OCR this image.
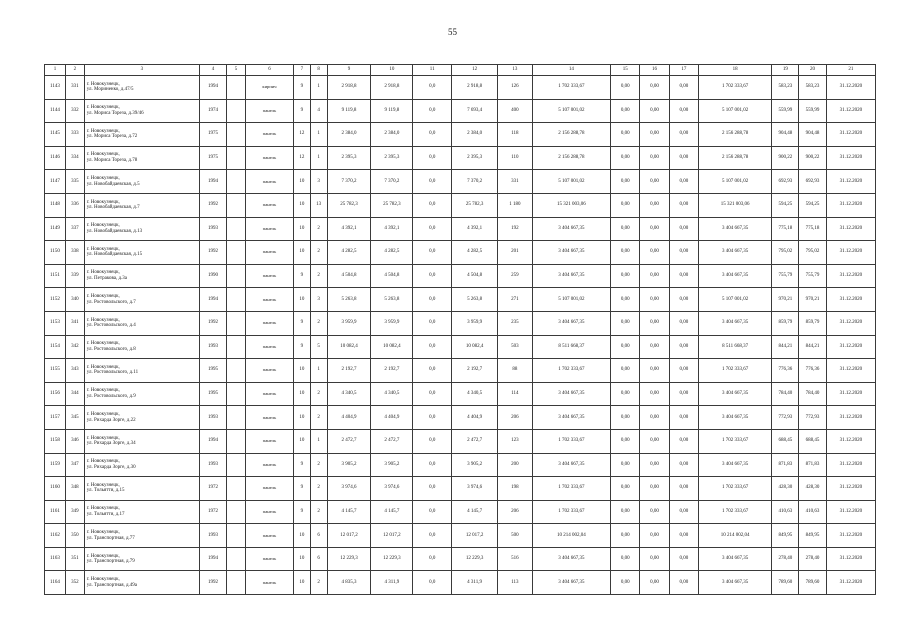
55
1	2	3	4	5	6	7	8	9	10	11	12	13	14	15	16	17	18	19	20	21
1143	331	г. Новокузнецк,
ул. Мориненко, д.47/5	1994		кирпич	9	1	2 918,8	2 918,8	0,0	2 918,8	126	1 702 333,67	0,00	0,00	0,00	1 702 333,67	583,23	583,23	31.12.2020
1144	332	г. Новокузнецк,
ул. Мориса Тореза, д.39/46	1974		панель	9	4	9 119,8	9 119,8	0,0	7 693,4	400	5 107 001,02	0,00	0,00	0,00	5 107 001,02	559,99	559,99	31.12.2020
1145	333	г. Новокузнецк,
ул. Мориса Тореза, д.72	1975		панель	12	1	2 384,0	2 384,0	0,0	2 384,0	118	2 156 288,78	0,00	0,00	0,00	2 156 288,78	904,48	904,48	31.12.2020
1146	334	г. Новокузнецк,
ул. Мориса Тореза, д.78	1975		панель	12	1	2 395,3	2 395,3	0,0	2 395,3	110	2 156 288,78	0,00	0,00	0,00	2 156 288,78	900,22	900,22	31.12.2020
1147	335	г. Новокузнецк,
ул. Новобайдаевская, д.5	1994		панель	10	3	7 370,2	7 370,2	0,0	7 370,2	331	5 107 001,02	0,00	0,00	0,00	5 107 001,02	692,93	692,93	31.12.2020
1148	336	г. Новокузнецк,
ул. Новобайдаевская, д.7	1992		панель	10	13	25 782,3	25 782,3	0,0	25 782,3	1 180	15 321 003,06	0,00	0,00	0,00	15 321 003,06	594,25	594,25	31.12.2020
1149	337	г. Новокузнецк,
ул. Новобайдаевская, д.13	1993		панель	10	2	4 392,1	4 392,1	0,0	4 392,1	192	3 404 667,35	0,00	0,00	0,00	3 404 667,35	775,18	775,18	31.12.2020
1150	338	г. Новокузнецк,
ул. Новобайдаевская, д.15	1992		панель	10	2	4 282,5	4 282,5	0,0	4 282,5	201	3 404 667,35	0,00	0,00	0,00	3 404 667,35	795,02	795,02	31.12.2020
1151	339	г. Новокузнецк,
ул. Петракова, д.3а	1990		панель	9	2	4 504,8	4 504,8	0,0	4 504,8	259	3 404 667,35	0,00	0,00	0,00	3 404 667,35	755,79	755,79	31.12.2020
1152	340	г. Новокузнецк,
ул. Ростовольского, д.7	1994		панель	10	3	5 263,8	5 263,8	0,0	5 263,8	271	5 107 001,02	0,00	0,00	0,00	5 107 001,02	970,21	970,21	31.12.2020
1153	341	г. Новокузнецк,
ул. Ростовольского, д.4	1992		панель	9	2	3 959,9	3 959,9	0,0	3 959,9	235	3 404 667,35	0,00	0,00	0,00	3 404 667,35	859,79	859,79	31.12.2020
1154	342	г. Новокузнецк,
ул. Ростовольского, д.8	1993		панель	9	5	10 082,4	10 082,4	0,0	10 082,4	503	8 511 668,37	0,00	0,00	0,00	8 511 668,37	844,21	844,21	31.12.2020
1155	343	г. Новокузнецк,
ул. Ростовольского, д.11	1995		панель	10	1	2 192,7	2 192,7	0,0	2 192,7	88	1 702 333,67	0,00	0,00	0,00	1 702 333,67	776,36	776,36	31.12.2020
1156	344	г. Новокузнецк,
ул. Ростовольского, д.9	1995		панель	10	2	4 340,5	4 340,5	0,0	4 340,5	114	3 404 667,35	0,00	0,00	0,00	3 404 667,35	784,40	784,40	31.12.2020
1157	345	г. Новокузнецк,
ул. Рихарда Зорге, д.22	1993		панель	10	2	4 404,9	4 404,9	0,0	4 404,9	206	3 404 667,35	0,00	0,00	0,00	3 404 667,35	772,93	772,93	31.12.2020
1158	346	г. Новокузнецк,
ул. Рихарда Зорге, д.34	1994		панель	10	1	2 472,7	2 472,7	0,0	2 472,7	123	1 702 333,67	0,00	0,00	0,00	1 702 333,67	688,45	688,45	31.12.2020
1159	347	г. Новокузнецк,
ул. Рихарда Зорге, д.30	1993		панель	9	2	3 905,2	3 905,2	0,0	3 905,2	200	3 404 667,35	0,00	0,00	0,00	3 404 667,35	871,83	871,83	31.12.2020
1160	348	г. Новокузнецк,
ул. Тольятти, д.15	1972		панель	9	2	3 974,6	3 974,6	0,0	3 974,6	198	1 702 333,67	0,00	0,00	0,00	1 702 333,67	428,30	428,30	31.12.2020
1161	349	г. Новокузнецк,
ул. Тольятти, д.17	1972		панель	9	2	4 145,7	4 145,7	0,0	4 145,7	206	1 702 333,67	0,00	0,00	0,00	1 702 333,67	410,63	410,63	31.12.2020
1162	350	г. Новокузнецк,
ул. Транспортная, д.77	1993		панель	10	6	12 017,2	12 017,2	0,0	12 017,2	500	10 214 002,04	0,00	0,00	0,00	10 214 002,04	849,95	849,95	31.12.2020
1163	351	г. Новокузнецк,
ул. Транспортная, д.79	1994		панель	10	6	12 229,3	12 229,3	0,0	12 229,3	516	3 404 667,35	0,00	0,00	0,00	3 404 667,35	278,40	278,40	31.12.2020
1164	352	г. Новокузнецк,
ул. Транспортная, д.49а	1992		панель	10	2	4 835,3	4 311,9	0,0	4 311,9	113	3 404 667,35	0,00	0,00	0,00	3 404 667,35	789,60	789,60	31.12.2020
